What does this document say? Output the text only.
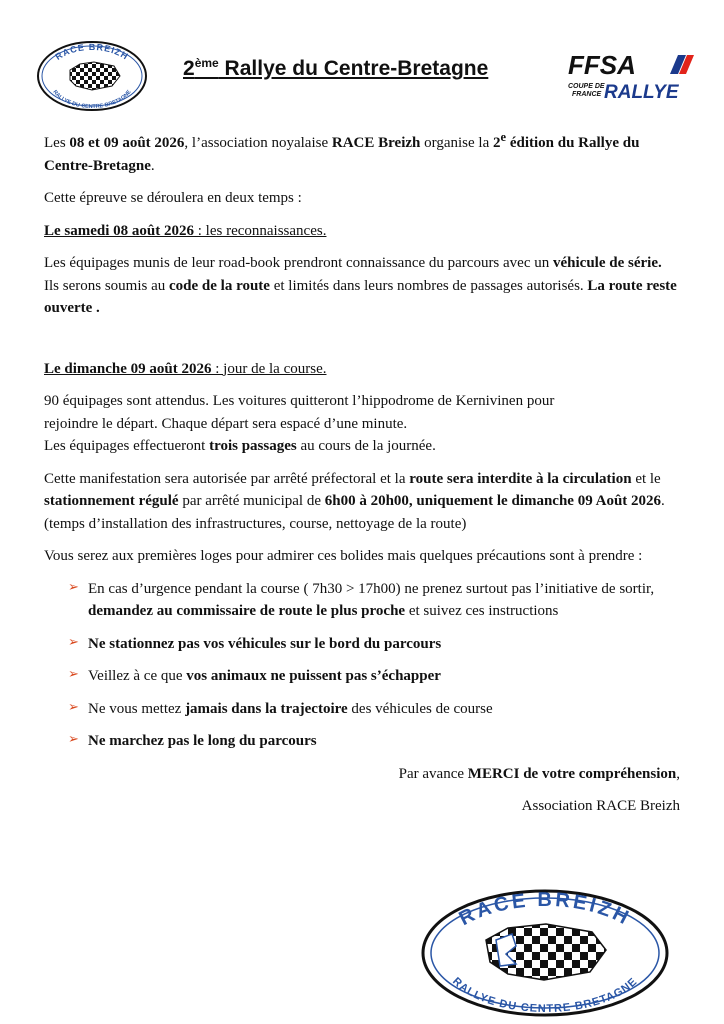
RACE BREIZH
RALLYE DU CENTRE BRETAGNE
2ème Rallye du Centre-Bretagne	FFSA
COUPE DE
FRANCE RALLYE

Les 08 et 09 août 2026, l’association noyalaise RACE Breizh organise la 2e édition du Rallye du Centre-Bretagne.

Cette épreuve se déroulera en deux temps :

Le samedi 08 août 2026 : les reconnaissances.

Les équipages munis de leur road-book prendront connaissance du parcours avec un véhicule de série. Ils serons soumis au code de la route et limités dans leurs nombres de passages autorisés. La route reste ouverte .

Le dimanche 09 août 2026 : jour de la course.

90 équipages sont attendus. Les voitures quitteront l’hippodrome de Kernivinen pour
rejoindre le départ. Chaque départ sera espacé d’une minute.
Les équipages effectueront trois passages au cours de la journée.

Cette manifestation sera autorisée par arrêté préfectoral et la route sera interdite à la circulation et le stationnement régulé par arrêté municipal de 6h00 à 20h00, uniquement le dimanche 09 Août 2026. (temps d’installation des infrastructures, course, nettoyage de la route)

Vous serez aux premières loges pour admirer ces bolides mais quelques précautions sont à prendre :

➢ En cas d’urgence pendant la course ( 7h30 > 17h00) ne prenez surtout pas l’initiative de sortir, demandez au commissaire de route le plus proche et suivez ces instructions
➢ Ne stationnez pas vos véhicules sur le bord du parcours
➢ Veillez à ce que vos animaux ne puissent pas s’échapper
➢ Ne vous mettez jamais dans la trajectoire des véhicules de course
➢ Ne marchez pas le long du parcours

Par avance MERCI de votre compréhension,

Association RACE Breizh

RACE BREIZH
RALLYE DU CENTRE BRETAGNE
